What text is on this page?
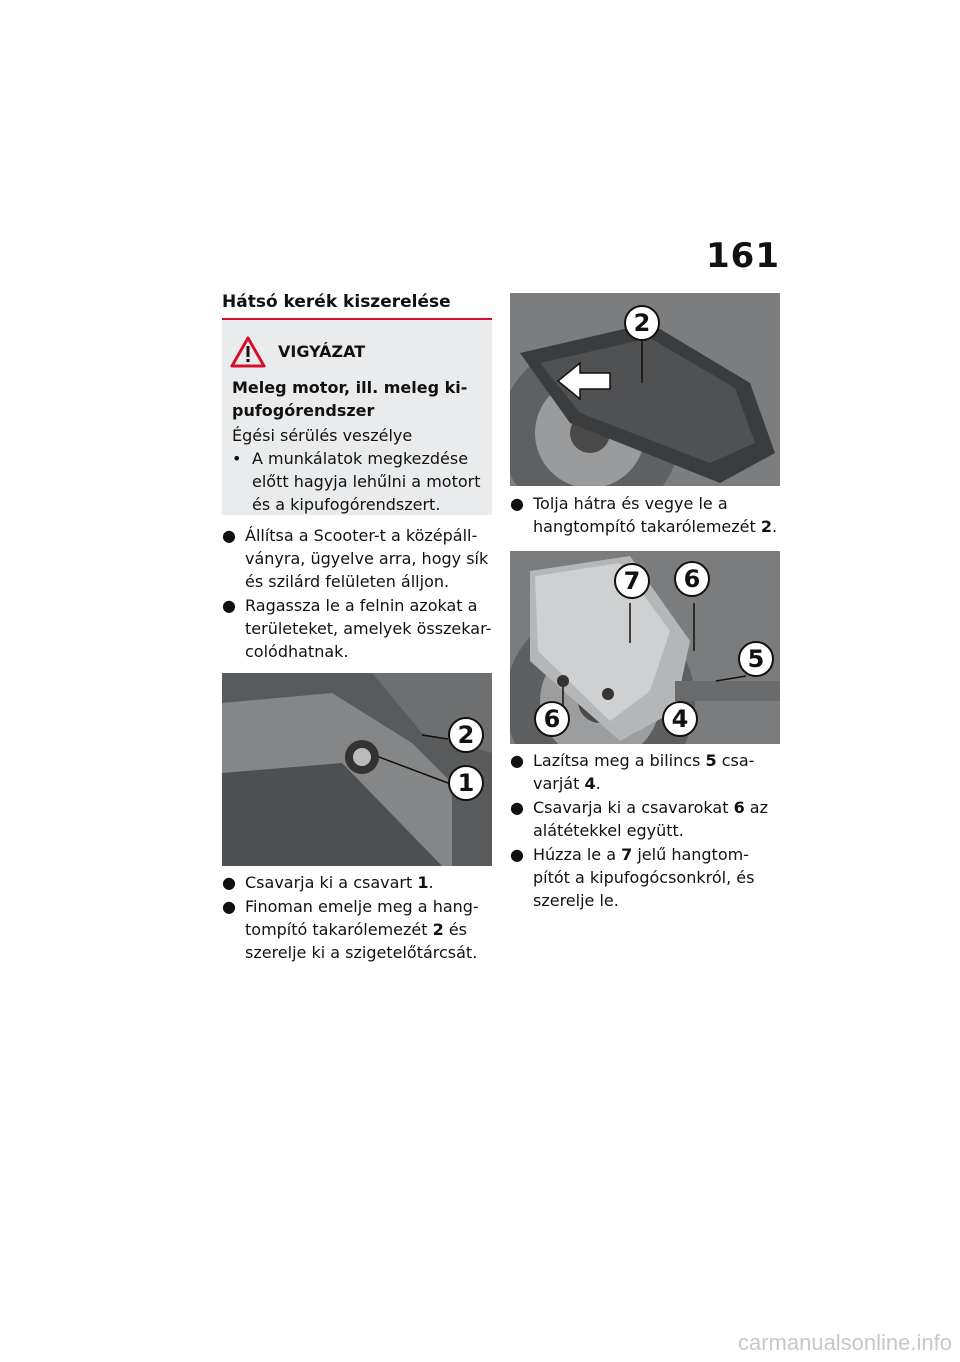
161
Hátsó kerék kiszerelése
VIGYÁZAT
Meleg motor, ill. meleg ki-pufogórendszer
Égési sérülés veszélye
• A munkálatok megkezdése előtt hagyja lehűlni a motort és a kipufogórendszert.
● Állítsa a Scooter-t a középáll-ványra, ügyelve arra, hogy sík és szilárd felületen álljon.
● Ragassza le a felnin azokat a területeket, amelyek összekar-colódhatnak.
2
1
● Csavarja ki a csavart 1.
● Finoman emelje meg a hang-tompító takarólemezét 2 és szerelje ki a szigetelőtárcsát.
2
● Tolja hátra és vegye le a hangtompító takarólemezét 2.
7	6
5
6	4
● Lazítsa meg a bilincs 5 csa-varját 4.
● Csavarja ki a csavarokat 6 az alátétekkel együtt.
● Húzza le a 7 jelű hangtom-pítót a kipufogócsonkról, és szerelje le.
carmanualsonline.info
